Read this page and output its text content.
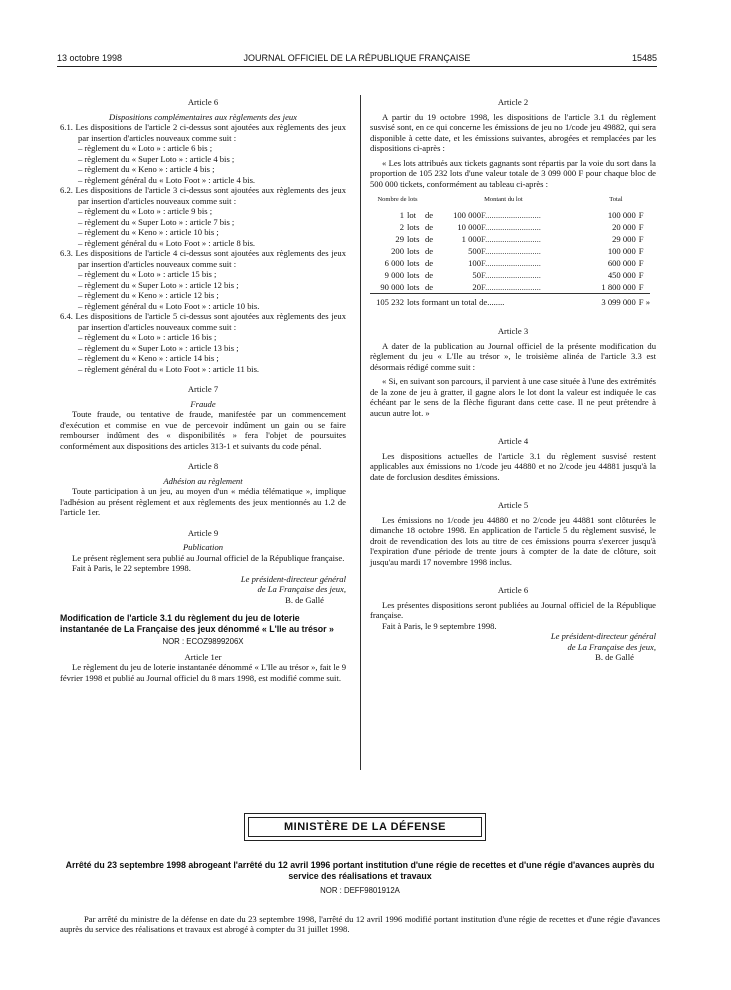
13 octobre 1998	JOURNAL OFFICIEL DE LA RÉPUBLIQUE FRANÇAISE	15485
Article 6
Dispositions complémentaires aux règlements des jeux

6.1. Les dispositions de l'article 2 ci-dessus sont ajoutées aux règlements des jeux par insertion d'articles nouveaux comme suit :

– règlement du « Loto » : article 6 bis ;

– règlement du « Super Loto » : article 4 bis ;

– règlement du « Keno » : article 4 bis ;

– règlement général du « Loto Foot » : article 4 bis.

6.2. Les dispositions de l'article 3 ci-dessus sont ajoutées aux règlements des jeux par insertion d'articles nouveaux comme suit :

– règlement du « Loto » : article 9 bis ;

– règlement du « Super Loto » : article 7 bis ;

– règlement du « Keno » : article 10 bis ;

– règlement général du « Loto Foot » : article 8 bis.

6.3. Les dispositions de l'article 4 ci-dessus sont ajoutées aux règlements des jeux par insertion d'articles nouveaux comme suit :

– règlement du « Loto » : article 15 bis ;

– règlement du « Super Loto » : article 12 bis ;

– règlement du « Keno » : article 12 bis ;

– règlement général du « Loto Foot » : article 10 bis.

6.4. Les dispositions de l'article 5 ci-dessus sont ajoutées aux règlements des jeux par insertion d'articles nouveaux comme suit :

– règlement du « Loto » : article 16 bis ;

– règlement du « Super Loto » : article 13 bis ;

– règlement du « Keno » : article 14 bis ;

– règlement général du « Loto Foot » : article 11 bis.

Article 7
Fraude

Toute fraude, ou tentative de fraude, manifestée par un commencement d'exécution et commise en vue de percevoir indûment un gain ou se faire rembourser indûment des « disponibilités » fera l'objet de poursuites conformément aux dispositions des articles 313-1 et suivants du code pénal.

Article 8
Adhésion au règlement

Toute participation à un jeu, au moyen d'un « média télématique », implique l'adhésion au présent règlement et aux règlements des jeux mentionnés au 1.2 de l'article 1er.

Article 9
Publication

Le présent règlement sera publié au Journal officiel de la République française.

Fait à Paris, le 22 septembre 1998.

Le président-directeur général
de La Française des jeux,
B. de Gallé
Modification de l'article 3.1 du règlement du jeu de loterie instantanée de La Française des jeux dénommé « L'Ile au trésor »
NOR : ECOZ9899206X
Article 1er

Le règlement du jeu de loterie instantanée dénommé « L'Ile au trésor », fait le 9 février 1998 et publié au Journal officiel du 8 mars 1998, est modifié comme suit.

Article 2

A partir du 19 octobre 1998, les dispositions de l'article 3.1 du règlement susvisé sont, en ce qui concerne les émissions de jeu no 1/code jeu 49882, qui sera disponible à cette date, et les émissions suivantes, abrogées et remplacées par les dispositions ci-après :

« Les lots attribués aux tickets gagnants sont répartis par la voie du sort dans la proportion de 105 232 lots d'une valeur totale de 3 099 000 F pour chaque bloc de 500 000 tickets, conformément au tableau ci-après :

Nombre de lots		Montant du lot			Total	
1	lot	de	100 000	F..........................	100 000	F
2	lots	de	10 000	F..........................	20 000	F
29	lots	de	1 000	F..........................	29 000	F
200	lots	de	500	F..........................	100 000	F
6 000	lots	de	100	F..........................	600 000	F
9 000	lots	de	50	F..........................	450 000	F
90 000	lots	de	20	F..........................	1 800 000	F
105 232	lots formant un total de........				3 099 000	F »
Article 3

A dater de la publication au Journal officiel de la présente modification du règlement du jeu « L'Ile au trésor », le troisième alinéa de l'article 3.3 est désormais rédigé comme suit :

« Si, en suivant son parcours, il parvient à une case située à l'une des extrémités de la zone de jeu à gratter, il gagne alors le lot dont la valeur est indiquée le cas échéant par le sens de la flèche figurant dans cette case. Il ne peut prétendre à aucun autre lot. »

Article 4

Les dispositions actuelles de l'article 3.1 du règlement susvisé restent applicables aux émissions no 1/code jeu 44880 et no 2/code jeu 44881 jusqu'à la date de forclusion desdites émissions.

Article 5

Les émissions no 1/code jeu 44880 et no 2/code jeu 44881 sont clôturées le dimanche 18 octobre 1998. En application de l'article 5 du règlement susvisé, le droit de revendication des lots au titre de ces émissions pourra s'exercer jusqu'à l'expiration d'une période de trente jours à compter de la date de clôture, soit jusqu'au mardi 17 novembre 1998 inclus.

Article 6

Les présentes dispositions seront publiées au Journal officiel de la République française.

Fait à Paris, le 9 septembre 1998.

Le président-directeur général
de La Française des jeux,
B. de Gallé
MINISTÈRE DE LA DÉFENSE
Arrêté du 23 septembre 1998 abrogeant l'arrêté du 12 avril 1996 portant institution d'une régie de recettes et d'une régie d'avances auprès du service des réalisations et travaux
NOR : DEFF9801912A

Par arrêté du ministre de la défense en date du 23 septembre 1998, l'arrêté du 12 avril 1996 modifié portant institution d'une régie de recettes et d'une régie d'avances auprès du service des réalisations et travaux est abrogé à compter du 31 juillet 1998.
